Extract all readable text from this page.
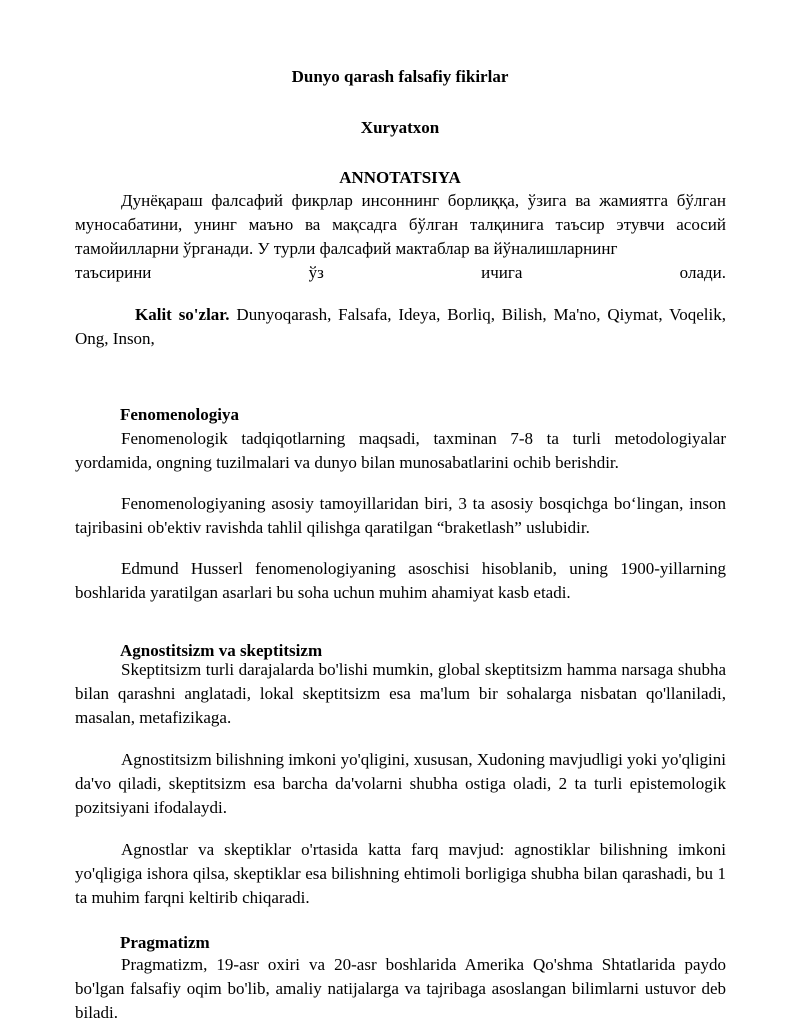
Dunyo qarash falsafiy fikirlar
Xuryatxon
ANNOTATSIYA

Дунёқараш фалсафий фикрлар инсоннинг борлиққа, ўзига ва жамиятга бўлган муносабатини, унинг маъно ва мақсадга бўлган талқинига таъсир этувчи асосий тамойилларни ўрганади. У турли фалсафий мактаблар ва йўналишларнинг

таъсирини ўз ичига олади.

Kalit so'zlar. Dunyoqarash, Falsafa, Ideya, Borliq, Bilish, Ma'no, Qiymat, Voqelik, Ong, Inson,

Fenomenologiya

Fenomenologik tadqiqotlarning maqsadi, taxminan 7-8 ta turli metodologiyalar yordamida, ongning tuzilmalari va dunyo bilan munosabatlarini ochib berishdir.

Fenomenologiyaning asosiy tamoyillaridan biri, 3 ta asosiy bosqichga bo‘lingan, inson tajribasini ob'ektiv ravishda tahlil qilishga qaratilgan “braketlash” uslubidir.

Edmund Husserl fenomenologiyaning asoschisi hisoblanib, uning 1900-yillarning boshlarida yaratilgan asarlari bu soha uchun muhim ahamiyat kasb etadi.

Agnostitsizm va skeptitsizm

Skeptitsizm turli darajalarda bo'lishi mumkin, global skeptitsizm hamma narsaga shubha bilan qarashni anglatadi, lokal skeptitsizm esa ma'lum bir sohalarga nisbatan qo'llaniladi, masalan, metafizikaga.

Agnostitsizm bilishning imkoni yo'qligini, xususan, Xudoning mavjudligi yoki yo'qligini da'vo qiladi, skeptitsizm esa barcha da'volarni shubha ostiga oladi, 2 ta turli epistemologik pozitsiyani ifodalaydi.

Agnostlar va skeptiklar o'rtasida katta farq mavjud: agnostiklar bilishning imkoni yo'qligiga ishora qilsa, skeptiklar esa bilishning ehtimoli borligiga shubha bilan qarashadi, bu 1 ta muhim farqni keltirib chiqaradi.

Pragmatizm

Pragmatizm, 19-asr oxiri va 20-asr boshlarida Amerika Qo'shma Shtatlarida paydo bo'lgan falsafiy oqim bo'lib, amaliy natijalarga va tajribaga asoslangan bilimlarni ustuvor deb biladi.
